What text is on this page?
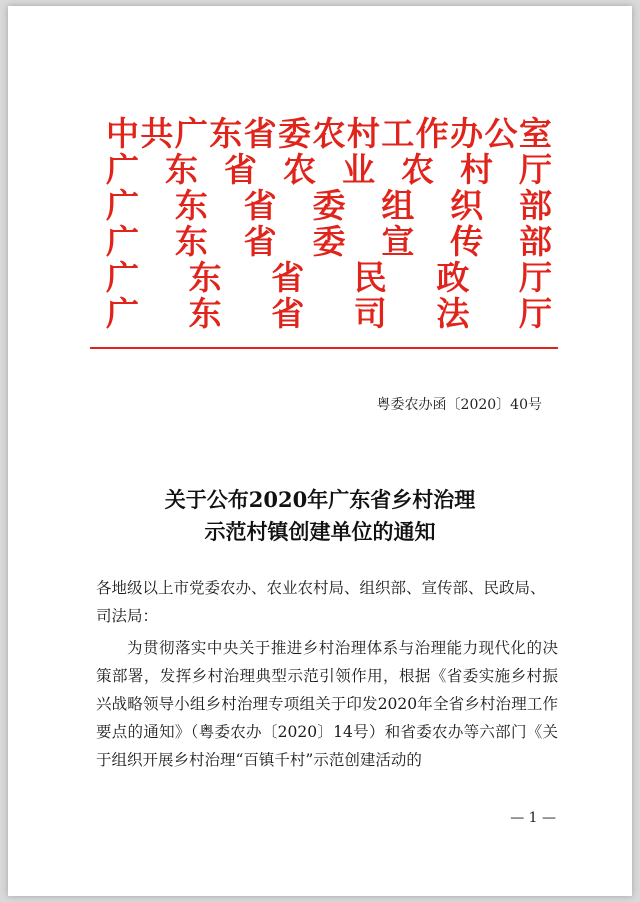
中 共 广 东 省 委 农 村 工 作 办 公 室
广 东 省 农 业 农 村 厅
广 东 省 委 组 织 部
广 东 省 委 宣 传 部
广 东 省 民 政 厅
广 东 省 司 法 厅
粤委农办函〔2020〕40号
关于公布2020年广东省乡村治理
示范村镇创建单位的通知
各地级以上市党委农办、农业农村局、组织部、宣传部、民政局、司法局：
为贯彻落实中央关于推进乡村治理体系与治理能力现代化的决策部署，发挥乡村治理典型示范引领作用，根据《省委实施乡村振兴战略领导小组乡村治理专项组关于印发2020年全省乡村治理工作要点的通知》（粤委农办〔2020〕14号）和省委农办等六部门《关于组织开展乡村治理“百镇千村”示范创建活动的
— 1 —
